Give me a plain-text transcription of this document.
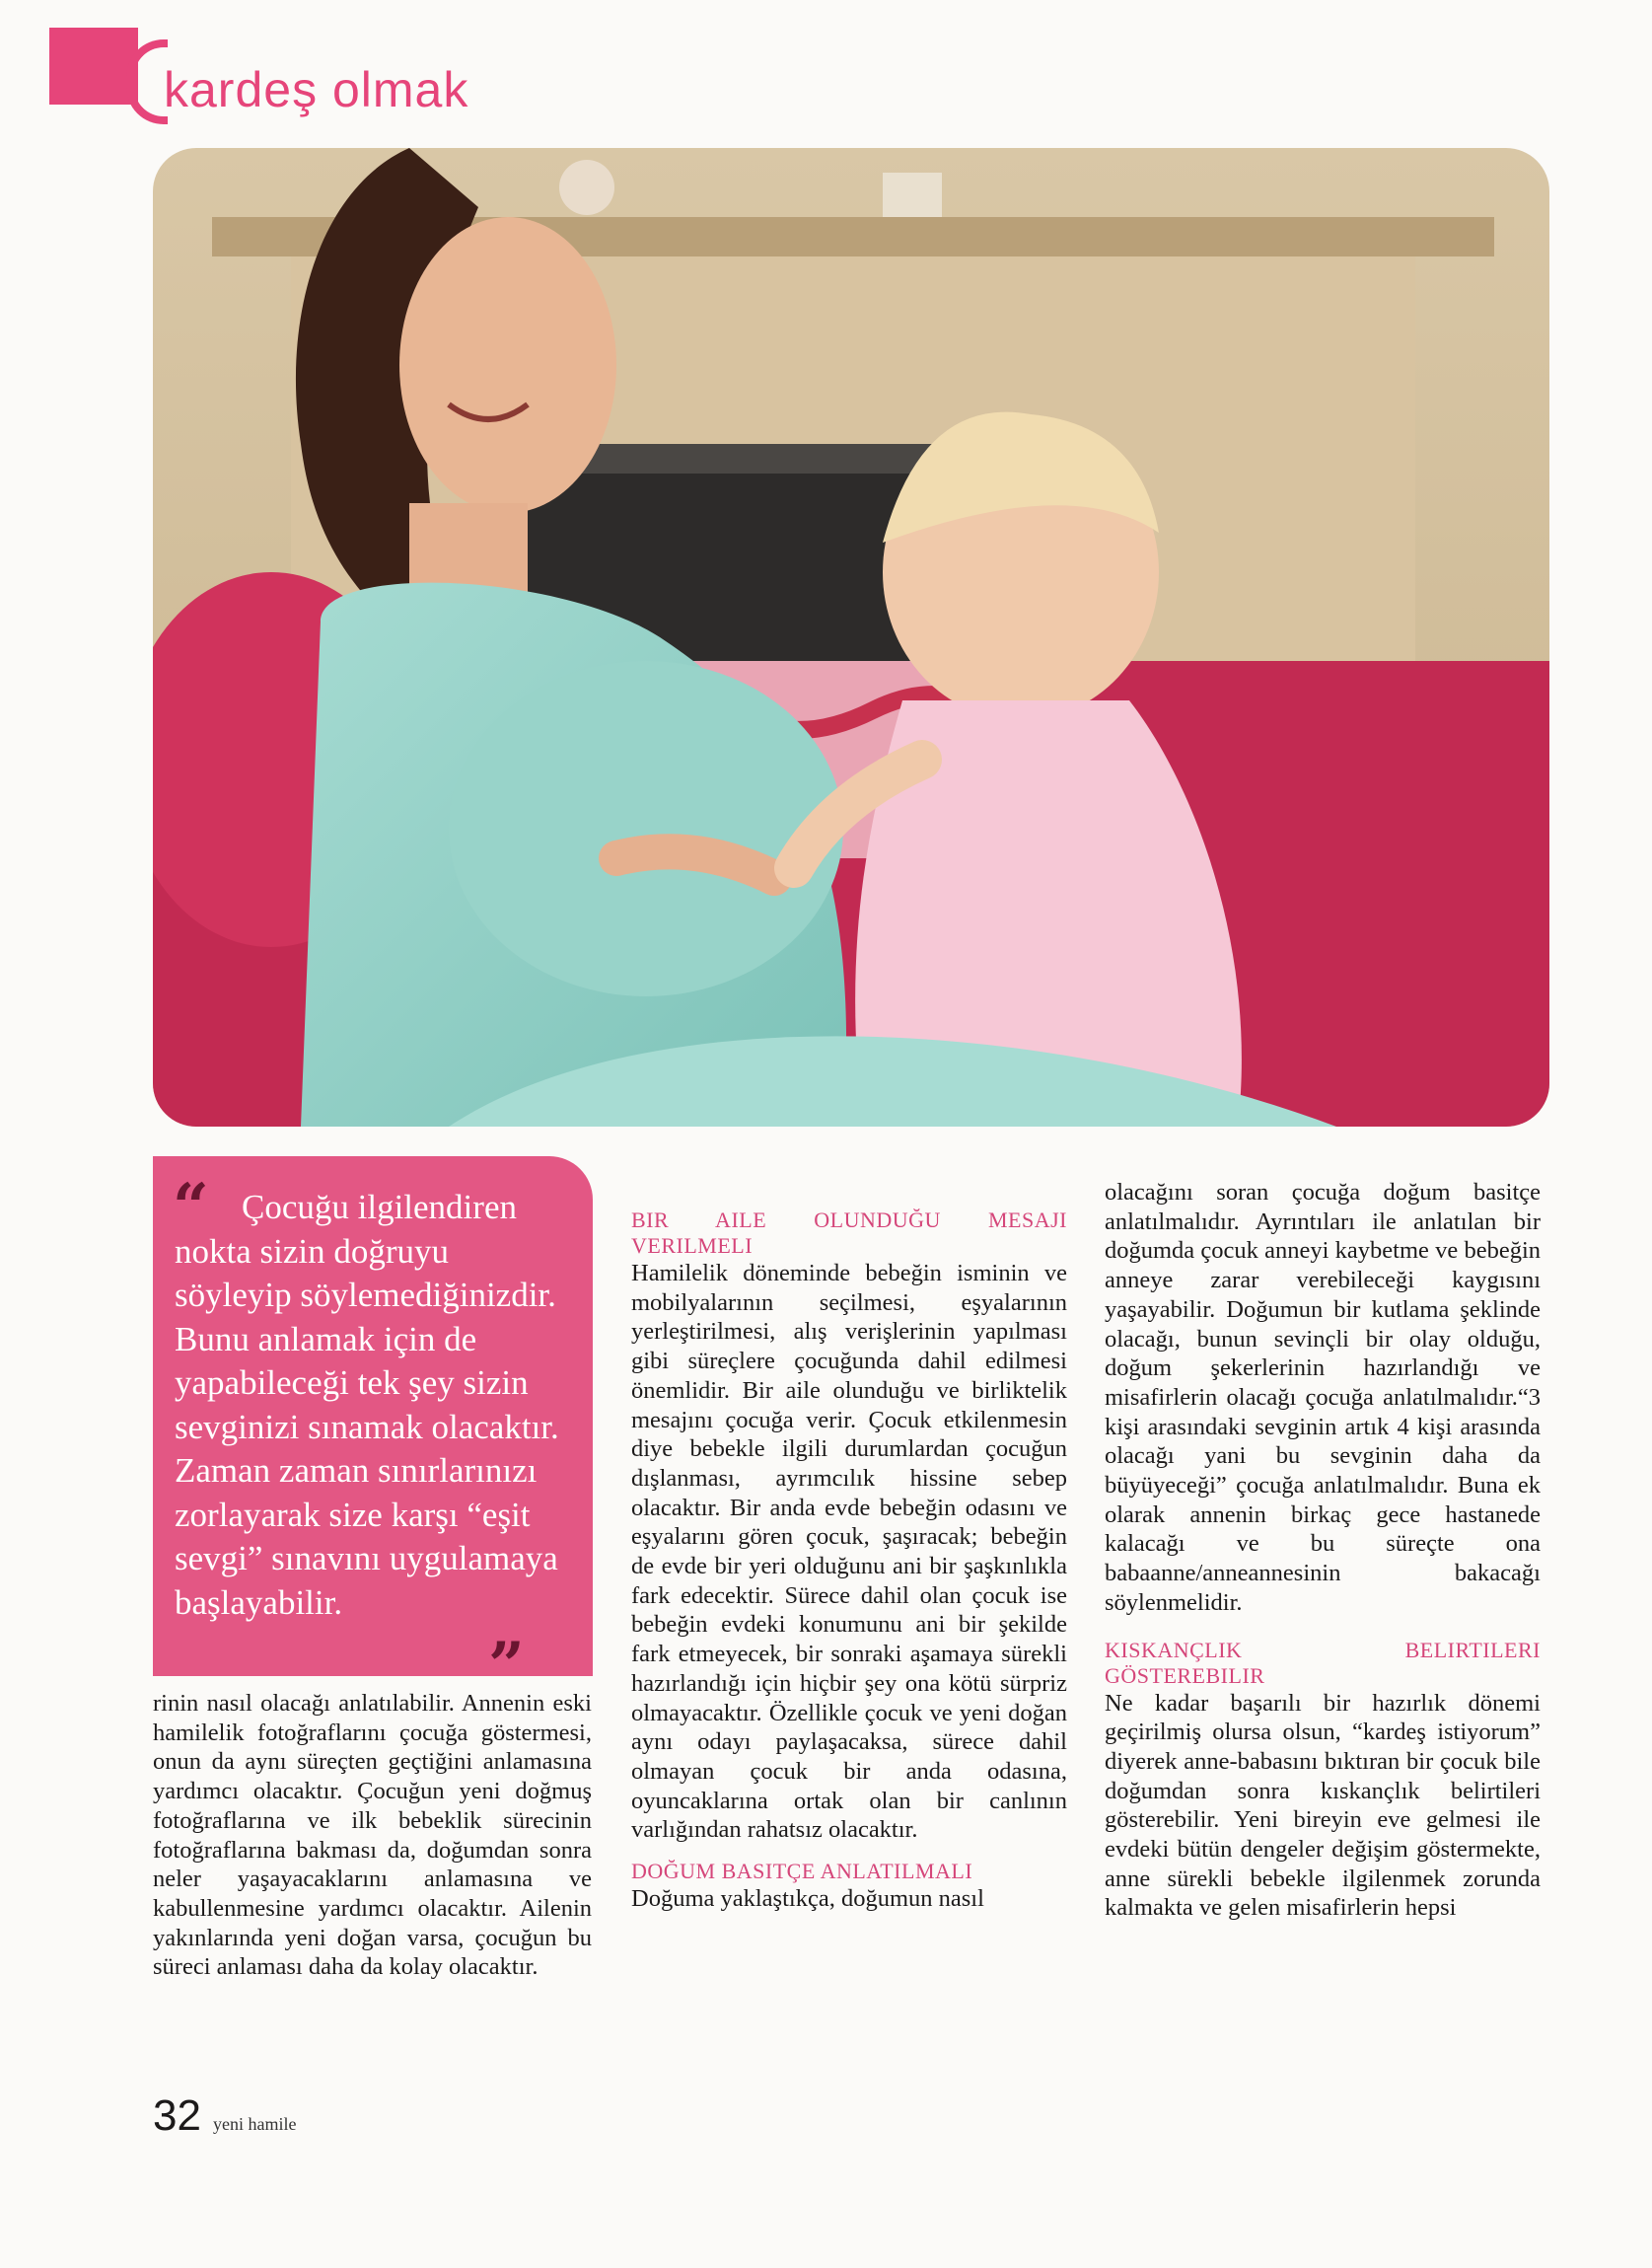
kardeş olmak
“ Çocuğu ilgilendiren nokta sizin doğruyu söyleyip söylemediğinizdir. Bunu anlamak için de yapabileceği tek şey sizin sevginizi sınamak olacaktır. Zaman zaman sınırlarınızı zorlayarak size karşı “eşit sevgi” sınavını uygulamaya başlayabilir.

”

rinin nasıl olacağı anlatılabilir. Annenin eski hamilelik fotoğraflarını çocuğa göstermesi, onun da aynı süreçten geçtiğini anlamasına yardımcı olacaktır. Çocuğun yeni doğmuş fotoğraflarına ve ilk bebeklik sürecinin fotoğraflarına bakması da, doğumdan sonra neler yaşayacaklarını anlamasına ve kabullenmesine yardımcı olacaktır. Ailenin yakınlarında yeni doğan varsa, çocuğun bu süreci anlaması daha da kolay olacaktır.

BIR AILE OLUNDUĞU MESAJI VERILMELI

Hamilelik döneminde bebeğin isminin ve mobilyalarının seçilmesi, eşyalarının yerleştirilmesi, alış verişlerinin yapılması gibi süreçlere çocuğunda dahil edilmesi önemlidir. Bir aile olunduğu ve birliktelik mesajını çocuğa verir. Çocuk etkilenmesin diye bebekle ilgili durumlardan çocuğun dışlanması, ayrımcılık hissine sebep olacaktır. Bir anda evde bebeğin odasını ve eşyalarını gören çocuk, şaşıracak; bebeğin de evde bir yeri olduğunu ani bir şaşkınlıkla fark edecektir. Sürece dahil olan çocuk ise bebeğin evdeki konumunu ani bir şekilde fark etmeyecek, bir sonraki aşamaya sürekli hazırlandığı için hiçbir şey ona kötü sürpriz olmayacaktır. Özellikle çocuk ve yeni doğan aynı odayı paylaşacaksa, sürece dahil olmayan çocuk bir anda odasına, oyuncaklarına ortak olan bir canlının varlığından rahatsız olacaktır.

DOĞUM BASITÇE ANLATILMALI

Doğuma yaklaştıkça, doğumun nasıl

olacağını soran çocuğa doğum basitçe anlatılmalıdır. Ayrıntıları ile anlatılan bir doğumda çocuk anneyi kaybetme ve bebeğin anneye zarar verebileceği kaygısını yaşayabilir. Doğumun bir kutlama şeklinde olacağı, bunun sevinçli bir olay olduğu, doğum şekerlerinin hazırlandığı ve misafirlerin olacağı çocuğa anlatılmalıdır.“3 kişi arasındaki sevginin artık 4 kişi arasında olacağı yani bu sevginin daha da büyüyeceği” çocuğa anlatılmalıdır. Buna ek olarak annenin birkaç gece hastanede kalacağı ve bu süreçte ona babaanne/anneannesinin bakacağı söylenmelidir.

KISKANÇLIK BELIRTILERI GÖSTEREBILIR

Ne kadar başarılı bir hazırlık dönemi geçirilmiş olursa olsun, “kardeş istiyorum” diyerek anne-babasını bıktıran bir çocuk bile doğumdan sonra kıskançlık belirtileri gösterebilir. Yeni bireyin eve gelmesi ile evdeki bütün dengeler değişim göstermekte, anne sürekli bebekle ilgilenmek zorunda kalmakta ve gelen misafirlerin hepsi

32 yeni hamile
